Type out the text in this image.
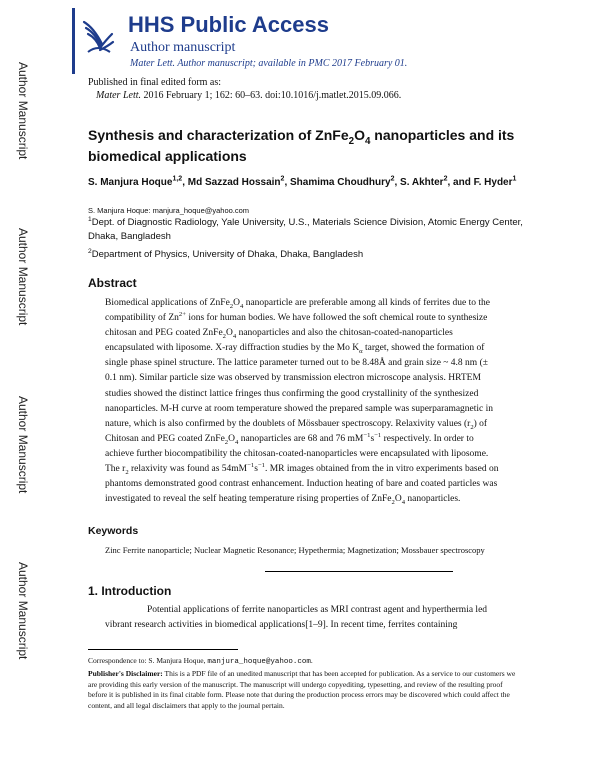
Author Manuscript
Author Manuscript
Author Manuscript
Author Manuscript
HHS Public Access
Author manuscript
Mater Lett. Author manuscript; available in PMC 2017 February 01.
Published in final edited form as:
Mater Lett. 2016 February 1; 162: 60–63. doi:10.1016/j.matlet.2015.09.066.
Synthesis and characterization of $ZnFe_2O_4$ nanoparticles and its biomedical applications
S. Manjura Hoque$^{1,2}$, Md Sazzad Hossain$^2$, Shamima Choudhury$^2$, S. Akhter$^2$, and F. Hyder$^1$
S. Manjura Hoque: manjura_hoque@yahoo.com
$^1$Dept. of Diagnostic Radiology, Yale University, U.S., Materials Science Division, Atomic Energy Center, Dhaka, Bangladesh
$^2$Department of Physics, University of Dhaka, Dhaka, Bangladesh
Abstract
Biomedical applications of $ZnFe_2O_4$ nanoparticle are preferable among all kinds of ferrites due to the compatibility of $Zn^{2+}$ ions for human bodies. We have followed the soft chemical route to synthesize chitosan and PEG coated $ZnFe_2O_4$ nanoparticles and also the chitosan-coated-nanoparticles encapsulated with liposome. X-ray diffraction studies by the Mo $K_\alpha$ target, showed the formation of single phase spinel structure. The lattice parameter turned out to be 8.48Å and grain size ~ 4.8 nm (± 0.1 nm). Similar particle size was observed by transmission electron microscope analysis. HRTEM studies showed the distinct lattice fringes thus confirming the good crystallinity of the synthesized nanoparticles. M-H curve at room temperature showed the prepared sample was superparamagnetic in nature, which is also confirmed by the doublets of Mössbauer spectroscopy. Relaxivity values $(r_2)$ of Chitosan and PEG coated $ZnFe_2O_4$ nanoparticles are 68 and 76 $mM^{-1}s^{-1}$ respectively. In order to achieve further biocompatibility the chitosan-coated-nanoparticles were encapsulated with liposome. The $r_2$ relaxivity was found as $54mM^{-1}s^{-1}$. MR images obtained from the in vitro experiments based on phantoms demonstrated good contrast enhancement. Induction heating of bare and coated particles was investigated to reveal the self heating temperature rising properties of $ZnFe_2O_4$ nanoparticles.
Keywords
Zinc Ferrite nanoparticle; Nuclear Magnetic Resonance; Hypethermia; Magnetization; Mossbauer spectroscopy
1. Introduction
Potential applications of ferrite nanoparticles as MRI contrast agent and hyperthermia led vibrant research activities in biomedical applications[1–9]. In recent time, ferrites containing
Correspondence to: S. Manjura Hoque, manjura_hoque@yahoo.com.
Publisher's Disclaimer: This is a PDF file of an unedited manuscript that has been accepted for publication. As a service to our customers we are providing this early version of the manuscript. The manuscript will undergo copyediting, typesetting, and review of the resulting proof before it is published in its final citable form. Please note that during the production process errors may be discovered which could affect the content, and all legal disclaimers that apply to the journal pertain.
